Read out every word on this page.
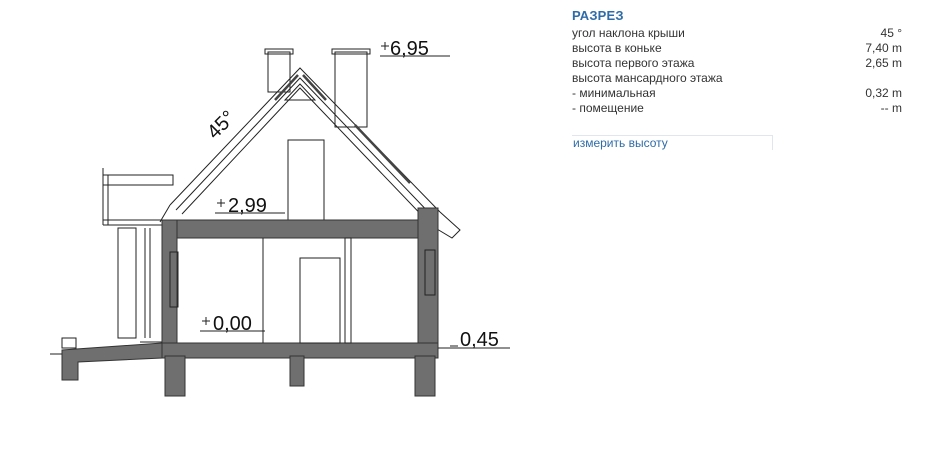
6,95
2,99
0,00
0,45
45°
РАЗРЕЗ
угол наклона крыши	45 °
высота в коньке	7,40 m
высота первого этажа	2,65 m
высота мансардного этажа
- минимальная	0,32 m
- помещение	-- m
измерить высоту
